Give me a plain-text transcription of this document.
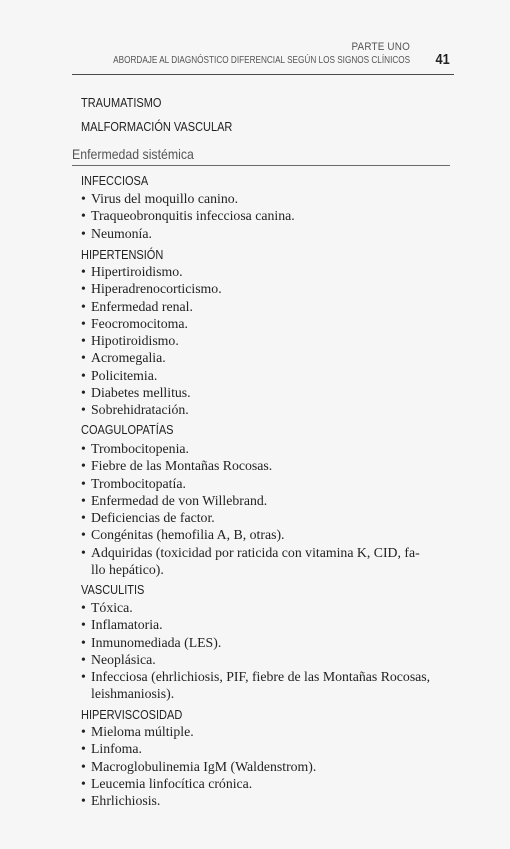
PARTE UNO
ABORDAJE AL DIAGNÓSTICO DIFERENCIAL SEGÚN LOS SIGNOS CLÍNICOS 41
TRAUMATISMO
MALFORMACIÓN VASCULAR
Enfermedad sistémica
INFECCIOSA
• Virus del moquillo canino.
• Traqueobronquitis infecciosa canina.
• Neumonía.
HIPERTENSIÓN
• Hipertiroidismo.
• Hiperadrenocorticismo.
• Enfermedad renal.
• Feocromocitoma.
• Hipotiroidismo.
• Acromegalia.
• Policitemia.
• Diabetes mellitus.
• Sobrehidratación.
COAGULOPATÍAS
• Trombocitopenia.
• Fiebre de las Montañas Rocosas.
• Trombocitopatía.
• Enfermedad de von Willebrand.
• Deficiencias de factor.
• Congénitas (hemofilia A, B, otras).
• Adquiridas (toxicidad por raticida con vitamina K, CID, fa-
llo hepático).
VASCULITIS
• Tóxica.
• Inflamatoria.
• Inmunomediada (LES).
• Neoplásica.
• Infecciosa (ehrlichiosis, PIF, fiebre de las Montañas Rocosas,
leishmaniosis).
HIPERVISCOSIDAD
• Mieloma múltiple.
• Linfoma.
• Macroglobulinemia IgM (Waldenstrom).
• Leucemia linfocítica crónica.
• Ehrlichiosis.
